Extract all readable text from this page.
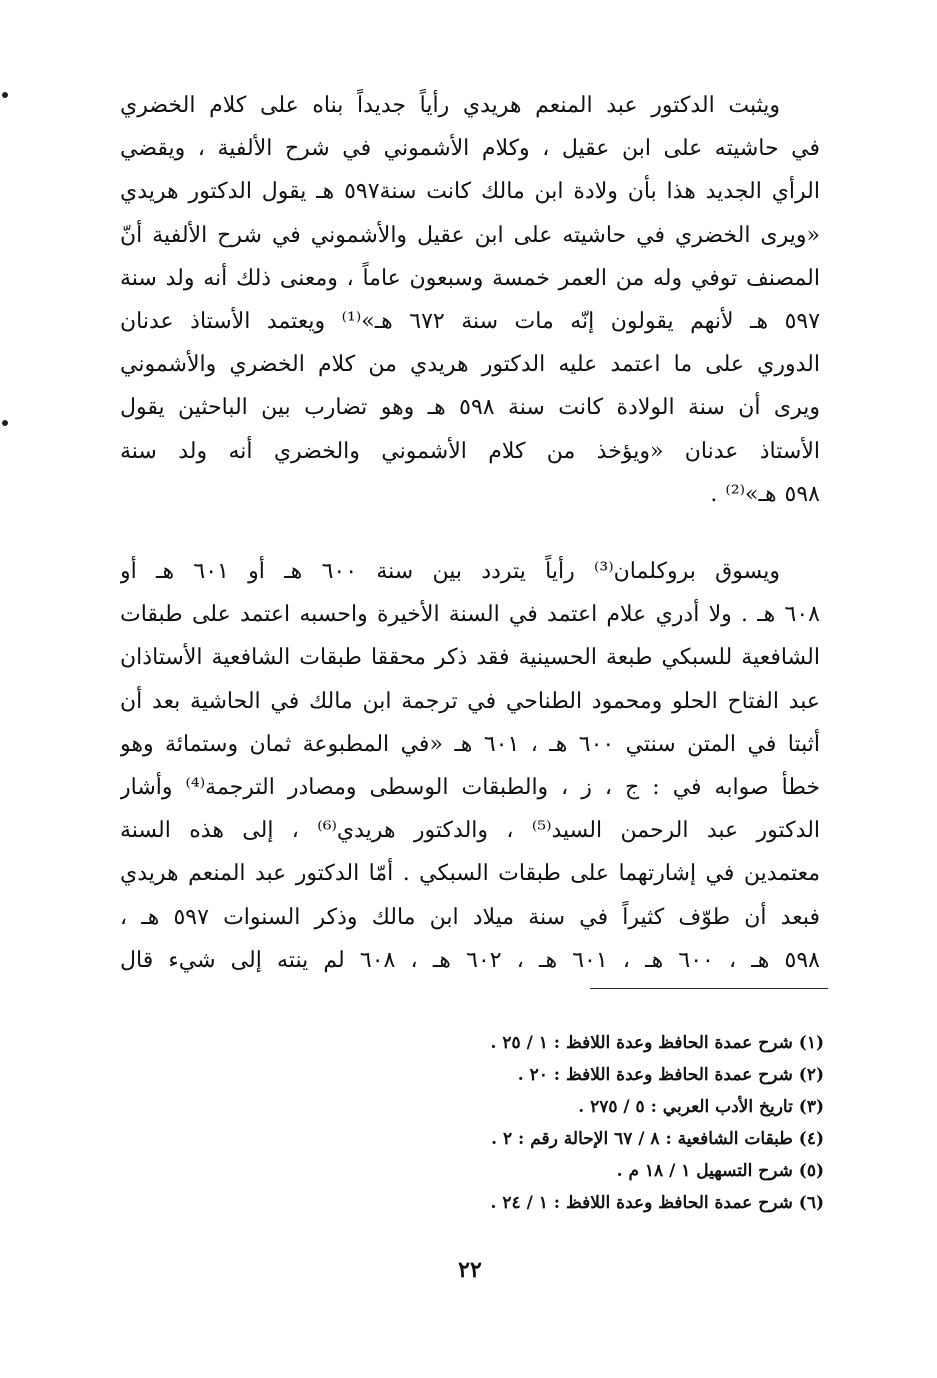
ويثبت الدكتور عبد المنعم هريدي رأياً جديداً بناه على كلام الخضري
في حاشيته على ابن عقيل ، وكلام الأشموني في شرح الألفية ، ويقضي
الرأي الجديد هذا بأن ولادة ابن مالك كانت سنة٥٩٧ هـ يقول الدكتور هريدي
«ويرى الخضري في حاشيته على ابن عقيل والأشموني في شرح الألفية أنّ
المصنف توفي وله من العمر خمسة وسبعون عاماً ، ومعنى ذلك أنه ولد سنة
٥٩٧ هـ لأنهم يقولون إنّه مات سنة ٦٧٢ هـ»⁽¹⁾ ويعتمد الأستاذ عدنان
الدوري على ما اعتمد عليه الدكتور هريدي من كلام الخضري والأشموني
ويرى أن سنة الولادة كانت سنة ٥٩٨ هـ وهو تضارب بين الباحثين يقول
الأستاذ عدنان «ويؤخذ من كلام الأشموني والخضري أنه ولد سنة
٥٩٨ هـ»⁽²⁾ .
ويسوق بروكلمان⁽³⁾ رأياً يتردد بين سنة ٦٠٠ هـ أو ٦٠١ هـ أو
٦٠٨ هـ . ولا أدري علام اعتمد في السنة الأخيرة واحسبه اعتمد على طبقات
الشافعية للسبكي طبعة الحسينية فقد ذكر محققا طبقات الشافعية الأستاذان
عبد الفتاح الحلو ومحمود الطناحي في ترجمة ابن مالك في الحاشية بعد أن
أثبتا في المتن سنتي ٦٠٠ هـ ، ٦٠١ هـ «في المطبوعة ثمان وستمائة وهو
خطأ صوابه في : ج ، ز ، والطبقات الوسطى ومصادر الترجمة⁽⁴⁾ وأشار
الدكتور عبد الرحمن السيد⁽⁵⁾ ، والدكتور هريدي⁽⁶⁾ ، إلى هذه السنة
معتمدين في إشارتهما على طبقات السبكي . أمّا الدكتور عبد المنعم هريدي
فبعد أن طوّف كثيراً في سنة ميلاد ابن مالك وذكر السنوات ٥٩٧ هـ ،
٥٩٨ هـ ، ٦٠٠ هـ ، ٦٠١ هـ ، ٦٠٢ هـ ، ٦٠٨ لم ينته إلى شيء قال
(١) شرح عمدة الحافظ وعدة اللافظ : ١ / ٢٥ .
(٢) شرح عمدة الحافظ وعدة اللافظ : ٢٠ .
(٣) تاريخ الأدب العربي : ٥ / ٢٧٥ .
(٤) طبقات الشافعية : ٨ / ٦٧ الإحالة رقم : ٢ .
(٥) شرح التسهيل ١ / ١٨ م .
(٦) شرح عمدة الحافظ وعدة اللافظ : ١ / ٢٤ .
٢٢
